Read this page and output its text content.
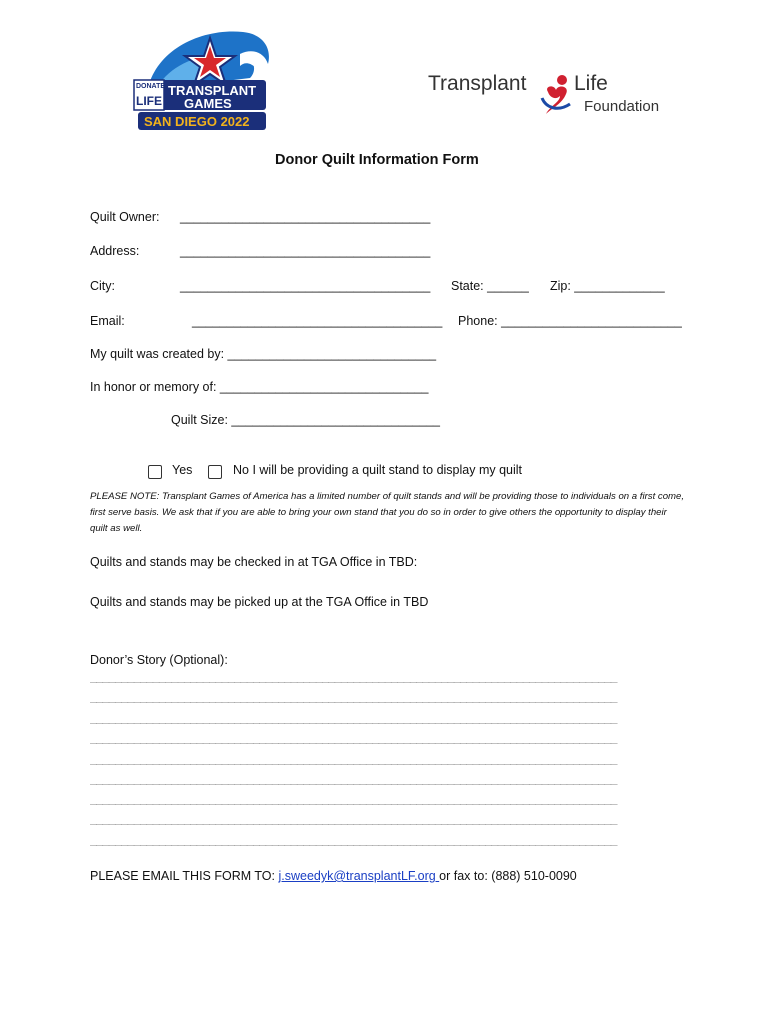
DONATE
LIFE
TRANSPLANT
GAMES
SAN DIEGO 2022
Transplant Life
Foundation
Donor Quilt Information Form
Quilt Owner: ____________________________________
Address:	____________________________________
City:	____________________________________ State: ______ Zip: _____________
Email:	____________________________________ Phone: __________________________
My quilt was created by: ______________________________
In honor or memory of: ______________________________
Quilt Size: ______________________________
Yes	No I will be providing a quilt stand to display my quilt
PLEASE NOTE: Transplant Games of America has a limited number of quilt stands and will be providing those to individuals on a first come, first serve basis. We ask that if you are able to bring your own stand that you do so in order to give others the opportunity to display their quilt as well.
Quilts and stands may be checked in at TGA Office in TBD:
Quilts and stands may be picked up at the TGA Office in TBD
Donor’s Story (Optional):
____________________________________________________________________________________
____________________________________________________________________________________
____________________________________________________________________________________
____________________________________________________________________________________
____________________________________________________________________________________
____________________________________________________________________________________
____________________________________________________________________________________
____________________________________________________________________________________
____________________________________________________________________________________
PLEASE EMAIL THIS FORM TO: j.sweedyk@transplantLF.org or fax to: (888) 510-0090
